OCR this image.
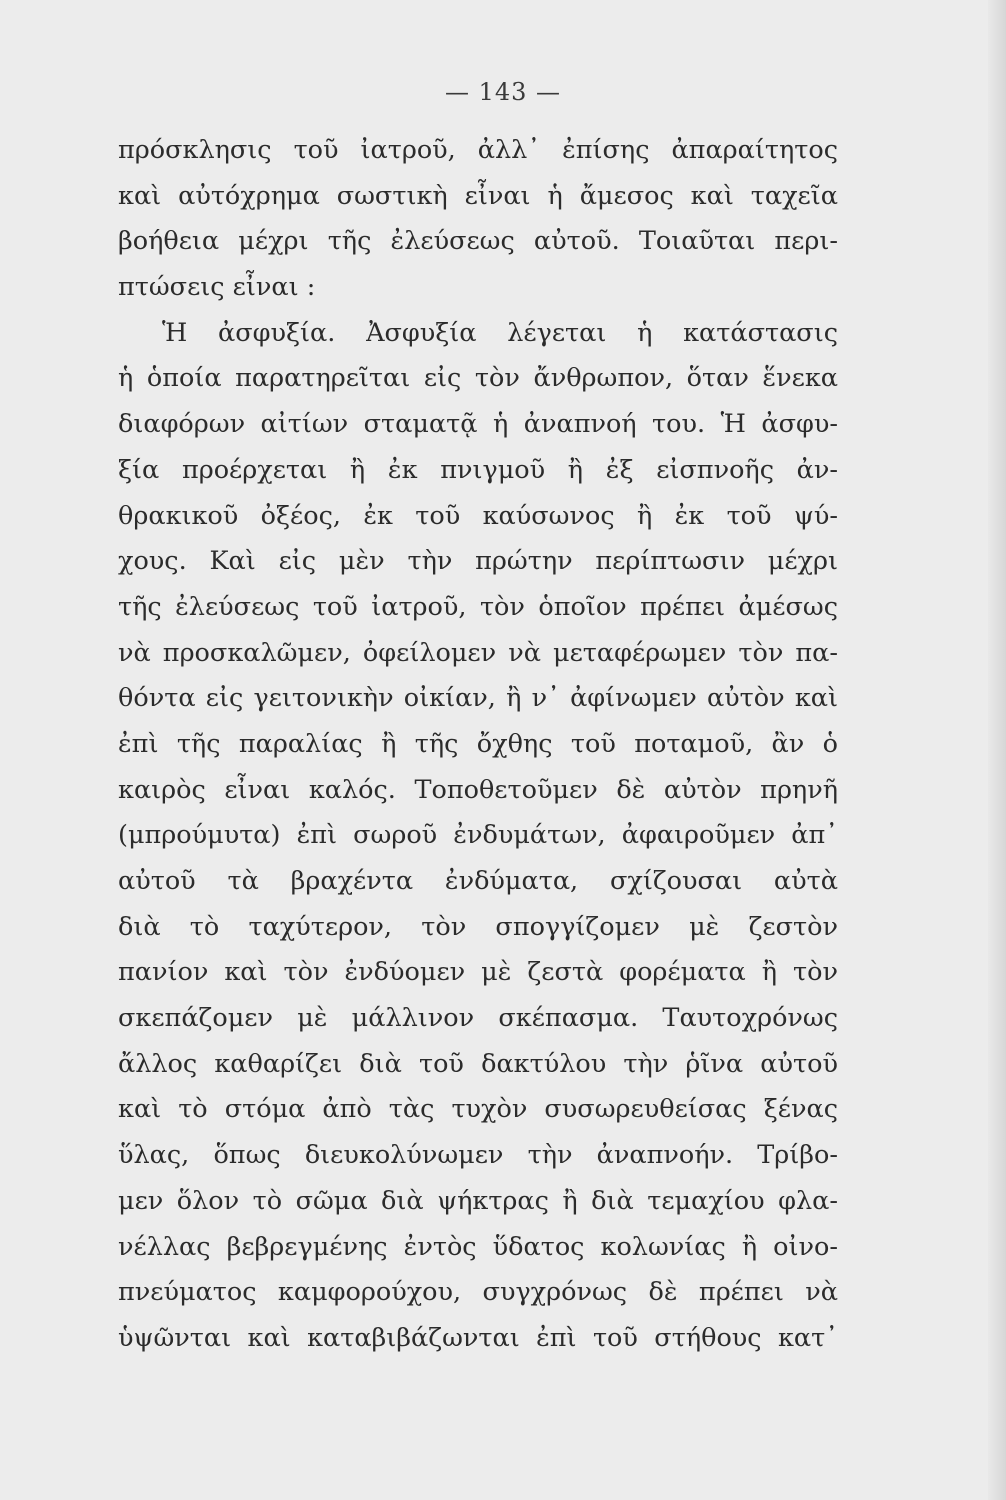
— 143 —
πρόσκλησις τοῦ ἰατροῦ, ἀλλ᾽ ἐπίσης ἀπαραίτητος
καὶ αὐτόχρημα σωστικὴ εἶναι ἡ ἄμεσος καὶ ταχεῖα
βοήθεια μέχρι τῆς ἐλεύσεως αὐτοῦ. Τοιαῦται περι-
πτώσεις εἶναι :
Ἡ ἀσφυξία. Ἀσφυξία λέγεται ἡ κατάστασις
ἡ ὁποία παρατηρεῖται εἰς τὸν ἄνθρωπον, ὅταν ἕνεκα
διαφόρων αἰτίων σταματᾷ ἡ ἀναπνοή του. Ἡ ἀσφυ-
ξία προέρχεται ἢ ἐκ πνιγμοῦ ἢ ἐξ εἰσπνοῆς ἀν-
θρακικοῦ ὀξέος, ἐκ τοῦ καύσωνος ἢ ἐκ τοῦ ψύ-
χους. Καὶ εἰς μὲν τὴν πρώτην περίπτωσιν μέχρι
τῆς ἐλεύσεως τοῦ ἰατροῦ, τὸν ὁποῖον πρέπει ἀμέσως
νὰ προσκαλῶμεν, ὀφείλομεν νὰ μεταφέρωμεν τὸν πα-
θόντα εἰς γειτονικὴν οἰκίαν, ἢ ν᾽ ἀφίνωμεν αὐτὸν καὶ
ἐπὶ τῆς παραλίας ἢ τῆς ὄχθης τοῦ ποταμοῦ, ἂν ὁ
καιρὸς εἶναι καλός. Τοποθετοῦμεν δὲ αὐτὸν πρηνῆ
(μπρούμυτα) ἐπὶ σωροῦ ἐνδυμάτων, ἀφαιροῦμεν ἀπ᾽
αὐτοῦ τὰ βραχέντα ἐνδύματα, σχίζουσαι αὐτὰ
διὰ τὸ ταχύτερον, τὸν σπογγίζομεν μὲ ζεστὸν
πανίον καὶ τὸν ἐνδύομεν μὲ ζεστὰ φορέματα ἢ τὸν
σκεπάζομεν μὲ μάλλινον σκέπασμα. Ταυτοχρόνως
ἄλλος καθαρίζει διὰ τοῦ δακτύλου τὴν ῥῖνα αὐτοῦ
καὶ τὸ στόμα ἀπὸ τὰς τυχὸν συσωρευθείσας ξένας
ὕλας, ὅπως διευκολύνωμεν τὴν ἀναπνοήν. Τρίβο-
μεν ὅλον τὸ σῶμα διὰ ψήκτρας ἢ διὰ τεμαχίου φλα-
νέλλας βεβρεγμένης ἐντὸς ὕδατος κολωνίας ἢ οἰνο-
πνεύματος καμφορούχου, συγχρόνως δὲ πρέπει νὰ
ὑψῶνται καὶ καταβιβάζωνται ἐπὶ τοῦ στήθους κατ᾽
